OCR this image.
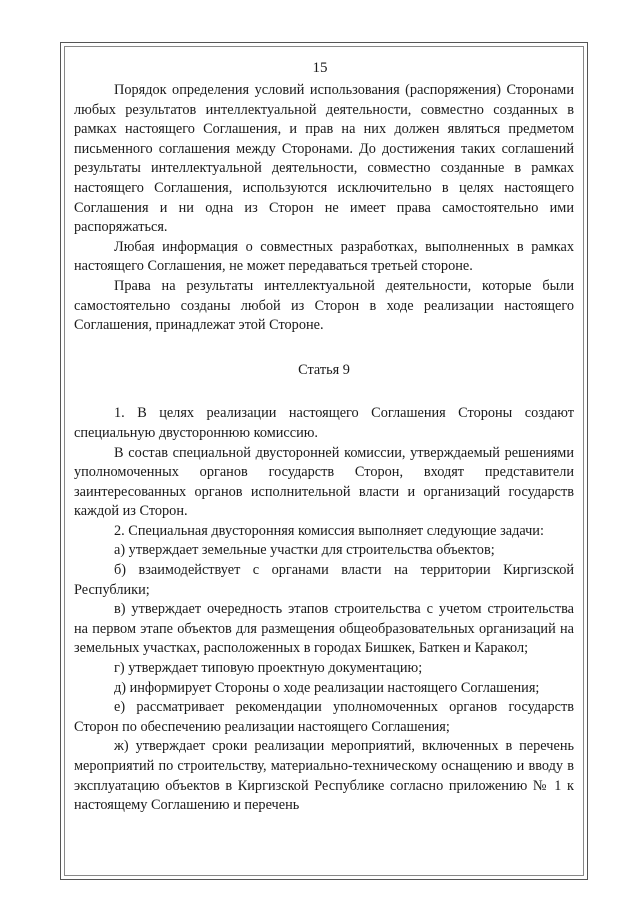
15

Порядок определения условий использования (распоряжения) Сторонами любых результатов интеллектуальной деятельности, совместно созданных в рамках настоящего Соглашения, и прав на них должен являться предметом письменного соглашения между Сторонами. До достижения таких соглашений результаты интеллектуальной деятельности, совместно созданные в рамках настоящего Соглашения, используются исключительно в целях настоящего Соглашения и ни одна из Сторон не имеет права самостоятельно ими распоряжаться.

Любая информация о совместных разработках, выполненных в рамках настоящего Соглашения, не может передаваться третьей стороне.

Права на результаты интеллектуальной деятельности, которые были самостоятельно созданы любой из Сторон в ходе реализации настоящего Соглашения, принадлежат этой Стороне.

Статья 9

1. В целях реализации настоящего Соглашения Стороны создают специальную двустороннюю комиссию.

В состав специальной двусторонней комиссии, утверждаемый решениями уполномоченных органов государств Сторон, входят представители заинтересованных органов исполнительной власти и организаций государств каждой из Сторон.

2. Специальная двусторонняя комиссия выполняет следующие задачи:

а) утверждает земельные участки для строительства объектов;

б) взаимодействует с органами власти на территории Киргизской Республики;

в) утверждает очередность этапов строительства с учетом строительства на первом этапе объектов для размещения общеобразовательных организаций на земельных участках, расположенных в городах Бишкек, Баткен и Каракол;

г) утверждает типовую проектную документацию;

д) информирует Стороны о ходе реализации настоящего Соглашения;

е) рассматривает рекомендации уполномоченных органов государств Сторон по обеспечению реализации настоящего Соглашения;

ж) утверждает сроки реализации мероприятий, включенных в перечень мероприятий по строительству, материально-техническому оснащению и вводу в эксплуатацию объектов в Киргизской Республике согласно приложению № 1 к настоящему Соглашению и перечень
